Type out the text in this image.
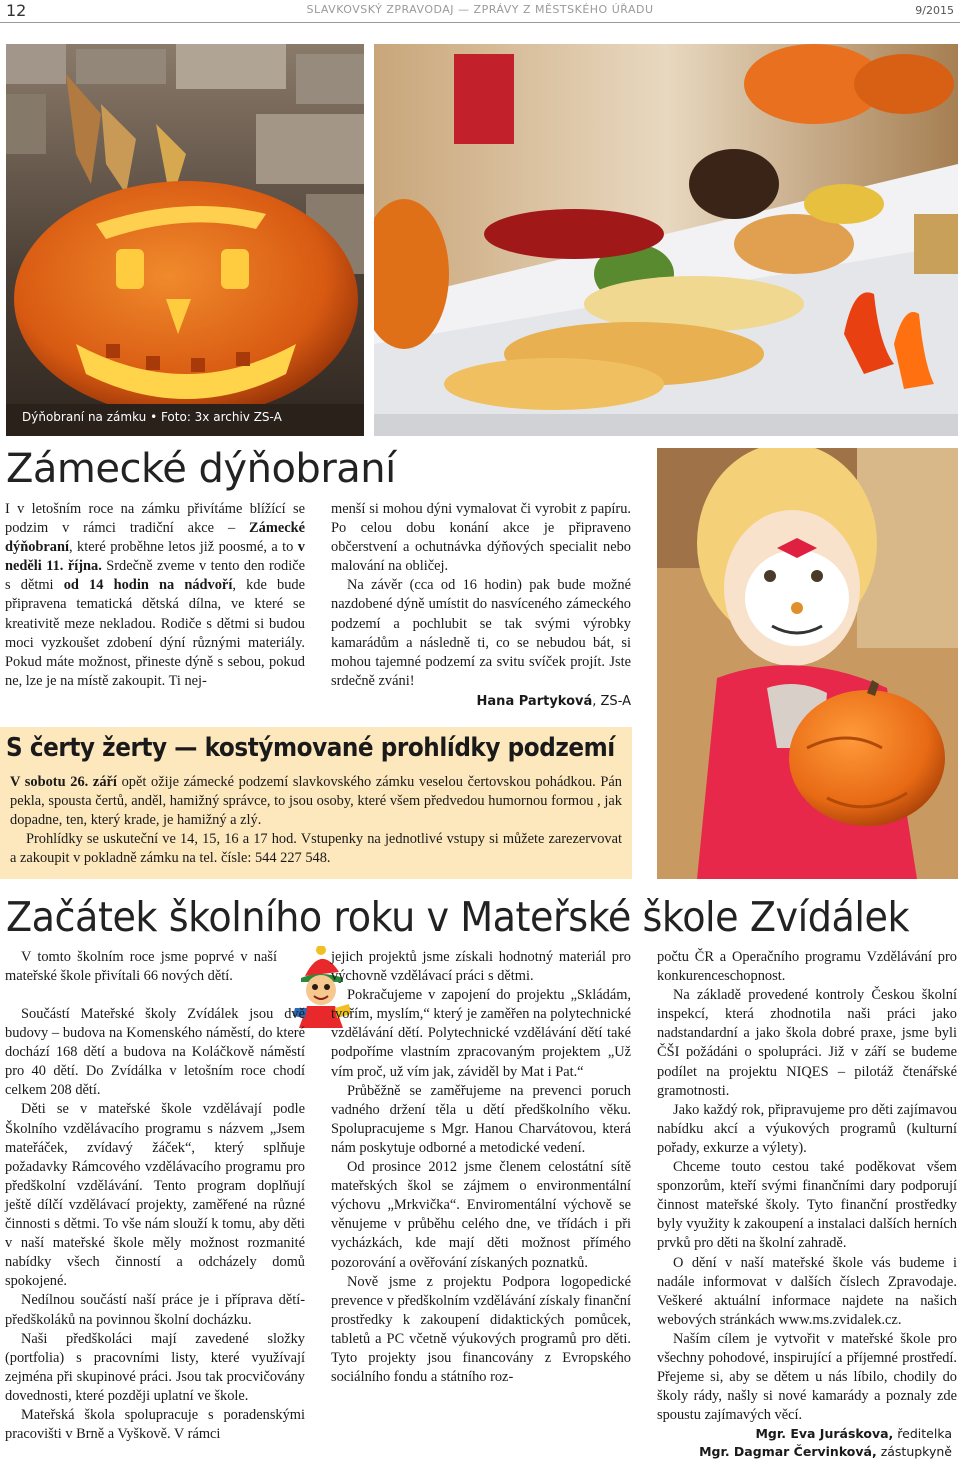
12	SLAVKOVSKÝ ZPRAVODAJ — ZPRÁVY Z MĚSTSKÉHO ÚŘADU	9/2015
Dýňobraní na zámku • Foto: 3x archiv ZS-A
Zámecké dýňobraní

I v letošním roce na zámku přivítáme blížící se podzim v rámci tradiční akce – Zámecké dýňobraní, které proběhne letos již poosmé, a to v neděli 11. října. Srdečně zveme v tento den rodiče s dětmi od 14 hodin na nádvoří, kde bude připravena tematická dětská dílna, ve které se kreativitě meze nekladou. Rodiče s dětmi si budou moci vyzkoušet zdobení dýní různými materiály. Pokud máte možnost, přineste dýně s sebou, pokud ne, lze je na místě zakoupit. Ti nej-

menší si mohou dýni vymalovat či vyrobit z papíru. Po celou dobu konání akce je připraveno občerstvení a ochutnávka dýňových specialit nebo malování na obličej.

Na závěr (cca od 16 hodin) pak bude možné nazdobené dýně umístit do nasvíceného zámeckého podzemí a pochlubit se tak svými výrobky kamarádům a následně ti, co se nebudou bát, si mohou tajemné podzemí za svitu svíček projít. Jste srdečně zváni!

Hana Partyková, ZS-A
S čerty žerty — kostýmované prohlídky podzemí

V sobotu 26. září opět ožije zámecké podzemí slavkovského zámku veselou čertovskou pohádkou. Pán pekla, spousta čertů, anděl, hamižný správce, to jsou osoby, které všem předvedou humornou formou , jak dopadne, ten, který krade, je hamižný a zlý.

Prohlídky se uskuteční ve 14, 15, 16 a 17 hod. Vstupenky na jednotlivé vstupy si můžete zarezervovat a zakoupit v pokladně zámku na tel. čísle: 544 227 548.

Začátek školního roku v Mateřské škole Zvídálek

V tomto školním roce jsme poprvé v naší mateřské škole přivítali 66 nových dětí.

Součástí Mateřské školy Zvídálek jsou dvě budovy – budova na Komenského náměstí, do které dochází 168 dětí a budova na Koláčkově náměstí pro 40 dětí. Do Zvídálka v letošním roce chodí celkem 208 dětí.

Děti se v mateřské škole vzdělávají podle Školního vzdělávacího programu s názvem „Jsem mateřáček, zvídavý žáček“, který splňuje požadavky Rámcového vzdělávacího programu pro předškolní vzdělávání. Tento program doplňují ještě dílčí vzdělávací projekty, zaměřené na různé činnosti s dětmi. To vše nám slouží k tomu, aby děti v naší mateřské škole měly možnost rozmanité nabídky všech činností a odcházely domů spokojené.

Nedílnou součástí naší práce je i příprava dětí-předškoláků na povinnou školní docházku.

Naši předškoláci mají zavedené složky (portfolia) s pracovními listy, které využívají zejména při skupinové práci. Jsou tak procvičovány dovednosti, které později uplatní ve škole.

Mateřská škola spolupracuje s poradenskými pracovišti v Brně a Vyškově. V rámci

jejich projektů jsme získali hodnotný materiál pro výchovně vzdělávací práci s dětmi.

Pokračujeme v zapojení do projektu „Skládám, tvořím, myslím,“ který je zaměřen na polytechnické vzdělávání dětí. Polytechnické vzdělávání dětí také podpoříme vlastním zpracovaným projektem „Už vím proč, už vím jak, záviděl by Mat i Pat.“

Průběžně se zaměřujeme na prevenci poruch vadného držení těla u dětí předškolního věku. Spolupracujeme s Mgr. Hanou Charvátovou, která nám poskytuje odborné a metodické vedení.

Od prosince 2012 jsme členem celostátní sítě mateřských škol se zájmem o environmentální výchovu „Mrkvička“. Enviromentální výchově se věnujeme v průběhu celého dne, ve třídách i při vycházkách, kde mají děti možnost přímého pozorování a ověřování získaných poznatků.

Nově jsme z projektu Podpora logopedické prevence v předškolním vzdělávání získaly finanční prostředky k zakoupení didaktických pomůcek, tabletů a PC včetně výukových programů pro děti. Tyto projekty jsou financovány z Evropského sociálního fondu a státního roz-

počtu ČR a Operačního programu Vzdělávání pro konkurenceschopnost.

Na základě provedené kontroly Českou školní inspekcí, která zhodnotila naši práci jako nadstandardní a jako škola dobré praxe, jsme byli ČŠI požádáni o spolupráci. Již v září se budeme podílet na projektu NIQES – pilotáž čtenářské gramotnosti.

Jako každý rok, připravujeme pro děti zajímavou nabídku akcí a výukových programů (kulturní pořady, exkurze a výlety).

Chceme touto cestou také poděkovat všem sponzorům, kteří svými finančními dary podporují činnost mateřské školy. Tyto finanční prostředky byly využity k zakoupení a instalaci dalších herních prvků pro děti na školní zahradě.

O dění v naší mateřské škole vás budeme i nadále informovat v dalších číslech Zpravodaje. Veškeré aktuální informace najdete na našich webových stránkách www.ms.zvidalek.cz.

Naším cílem je vytvořit v mateřské škole pro všechny pohodové, inspirující a příjemné prostředí. Přejeme si, aby se dětem u nás líbilo, chodily do školy rády, našly si nové kamarády a poznaly zde spoustu zajímavých věcí.

Mgr. Eva Juráskova, ředitelka
Mgr. Dagmar Červinková, zástupkyně
